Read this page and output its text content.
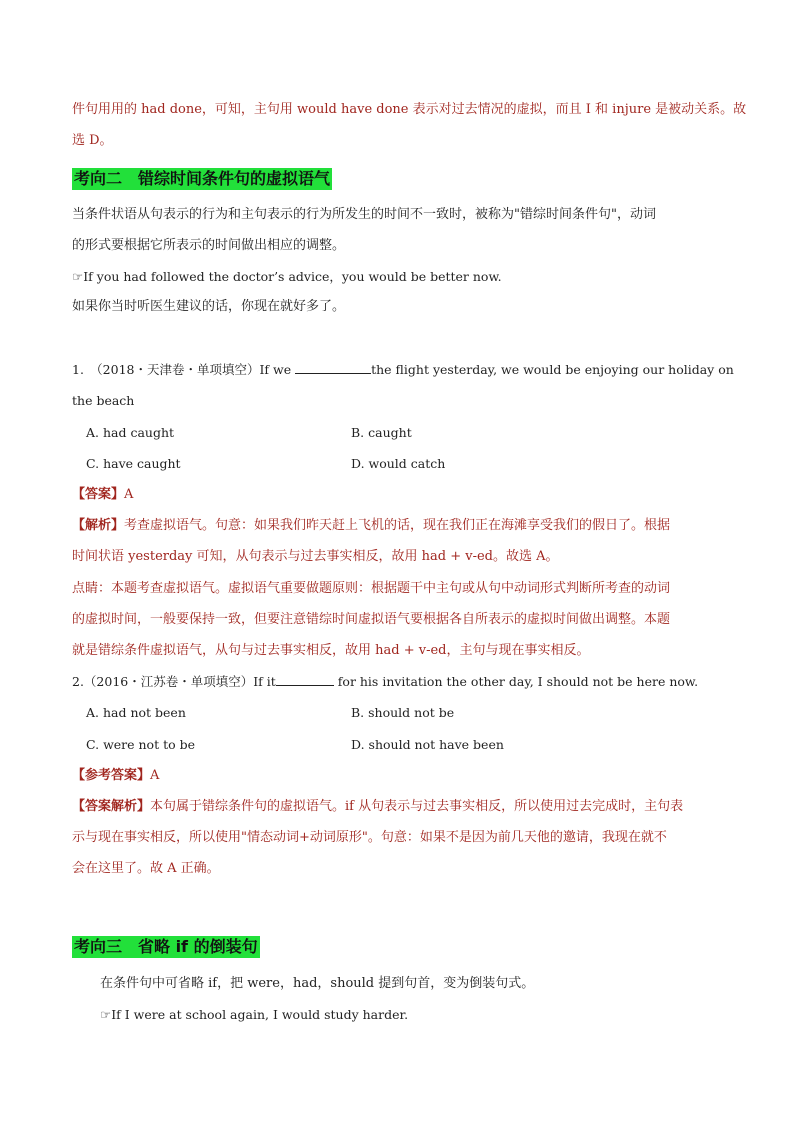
件句用用的 had done，可知，主句用 would have done 表示对过去情况的虚拟，而且 I 和 injure 是被动关系。故
选 D。
考向二　错综时间条件句的虚拟语气
当条件状语从句表示的行为和主句表示的行为所发生的时间不一致时，被称为"错综时间条件句"，动词
的形式要根据它所表示的时间做出相应的调整。
☞If you had followed the doctor’s advice，you would be better now.
如果你当时听医生建议的话，你现在就好多了。
1.　（2018・天津卷・单项填空）If we	the flight yesterday, we would be enjoying our holiday on
the beach
A. had caught	B. caught
C. have caught	D. would catch
【答案】A
【解析】考查虚拟语气。句意：如果我们昨天赶上飞机的话，现在我们正在海滩享受我们的假日了。根据
时间状语 yesterday 可知，从句表示与过去事实相反，故用 had + v-ed。故选 A。
点睛：本题考查虚拟语气。虚拟语气重要做题原则：根据题干中主句或从句中动词形式判断所考查的动词
的虚拟时间，一般要保持一致，但要注意错综时间虚拟语气要根据各自所表示的虚拟时间做出调整。本题
就是错综条件虚拟语气，从句与过去事实相反，故用 had + v-ed，主句与现在事实相反。
2.（2016・江苏卷・单项填空）If it	for his invitation the other day, I should not be here now.
A. had not been	B. should not be
C. were not to be	D. should not have been
【参考答案】A
【答案解析】本句属于错综条件句的虚拟语气。if 从句表示与过去事实相反，所以使用过去完成时，主句表
示与现在事实相反，所以使用"情态动词+动词原形"。句意：如果不是因为前几天他的邀请，我现在就不
会在这里了。故 A 正确。
考向三　省略 if 的倒装句
在条件句中可省略 if，把 were，had，should 提到句首，变为倒装句式。
☞If I were at school again, I would study harder.
